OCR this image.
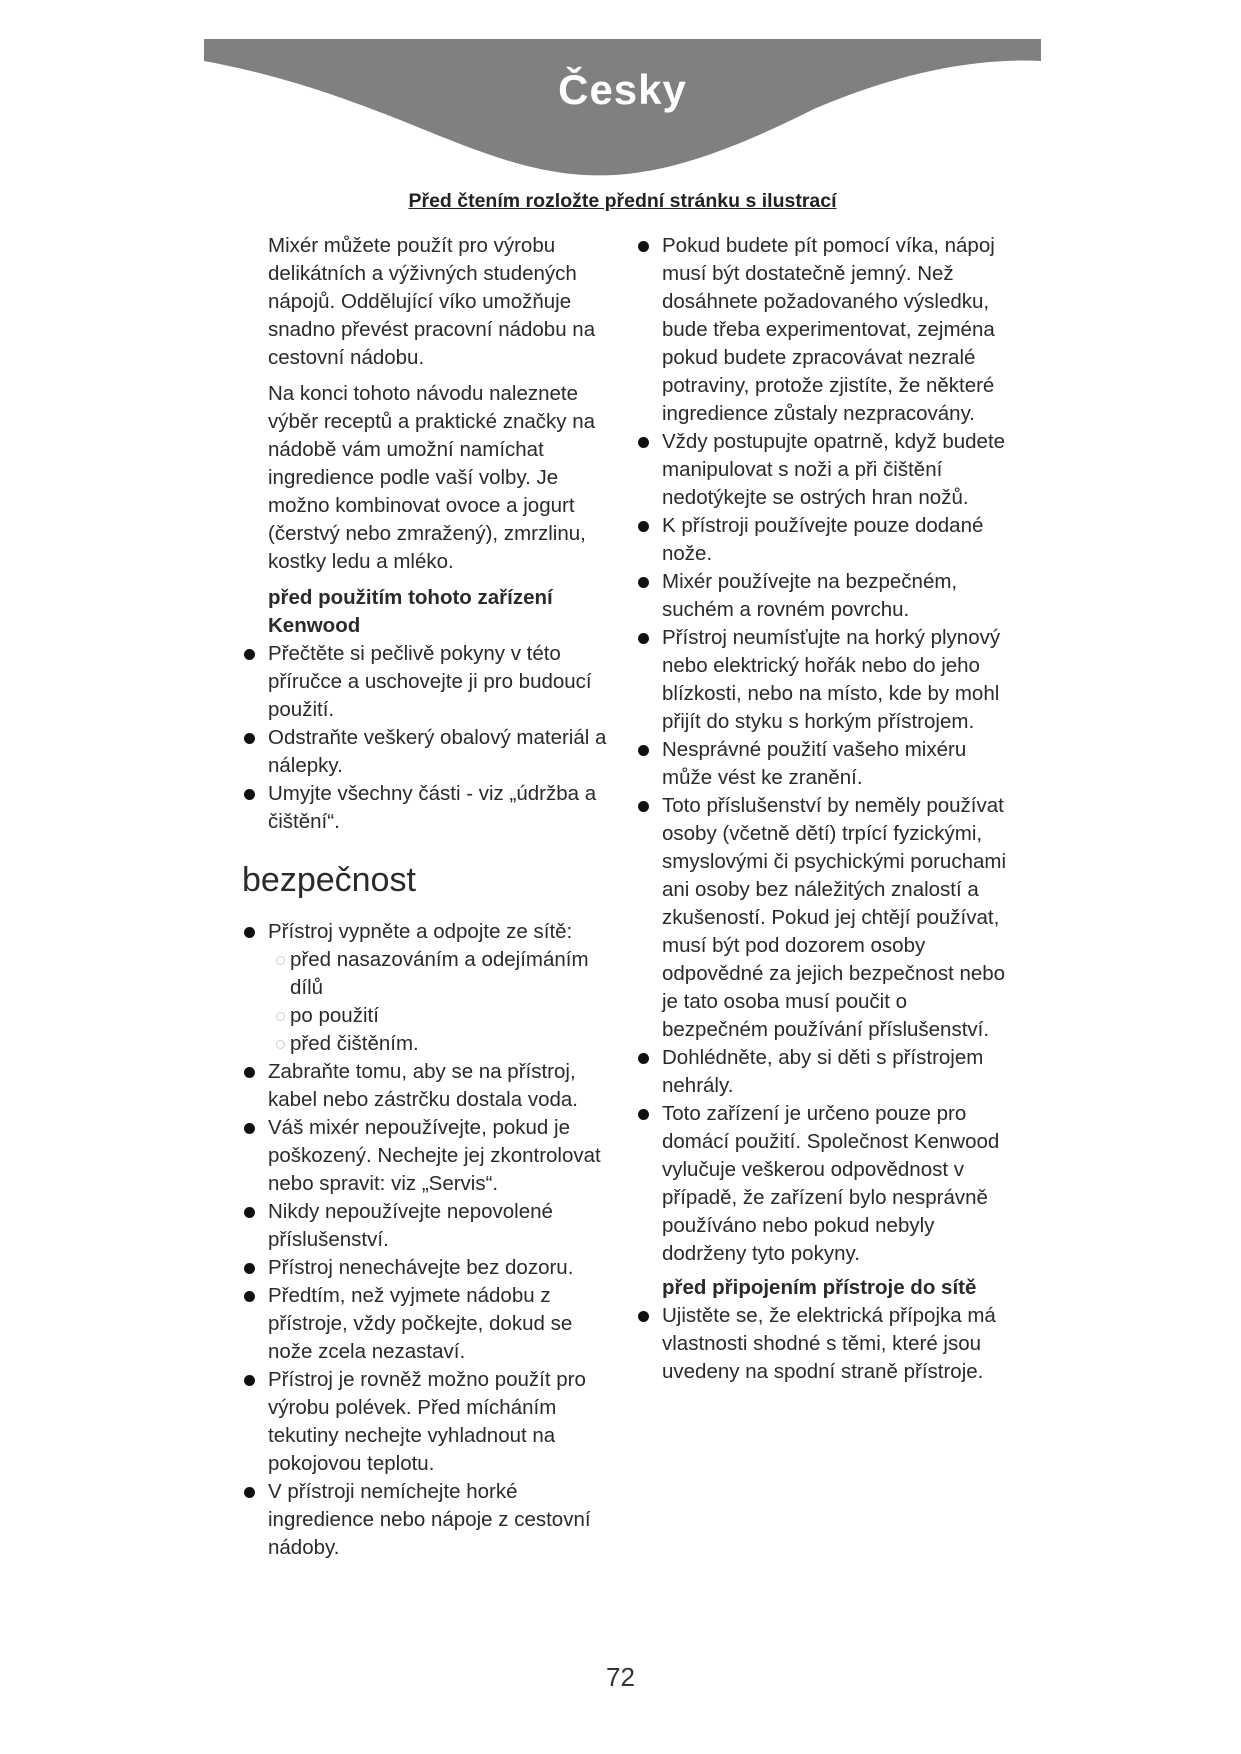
Česky
Před čtením rozložte přední stránku s ilustrací

Mixér můžete použít pro výrobu delikátních a výživných studených nápojů. Oddělující víko umožňuje snadno převést pracovní nádobu na cestovní nádobu.

Na konci tohoto návodu naleznete výběr receptů a praktické značky na nádobě vám umožní namíchat ingredience podle vaší volby. Je možno kombinovat ovoce a jogurt (čerstvý nebo zmražený), zmrzlinu, kostky ledu a mléko.

před použitím tohoto zařízení Kenwood

Přečtěte si pečlivě pokyny v této příručce a uschovejte ji pro budoucí použití.
Odstraňte veškerý obalový materiál a nálepky.
Umyjte všechny části - viz „údržba a čištění“.
bezpečnost
Přístroj vypněte a odpojte ze sítě:
před nasazováním a odejímáním dílů
po použití
před čištěním.
Zabraňte tomu, aby se na přístroj, kabel nebo zástrčku dostala voda.
Váš mixér nepoužívejte, pokud je poškozený. Nechejte jej zkontrolovat nebo spravit: viz „Servis“.
Nikdy nepoužívejte nepovolené příslušenství.
Přístroj nenechávejte bez dozoru.
Předtím, než vyjmete nádobu z přístroje, vždy počkejte, dokud se nože zcela nezastaví.
Přístroj je rovněž možno použít pro výrobu polévek. Před mícháním tekutiny nechejte vyhladnout na pokojovou teplotu.
V přístroji nemíchejte horké ingredience nebo nápoje z cestovní nádoby.
Pokud budete pít pomocí víka, nápoj musí být dostatečně jemný. Než dosáhnete požadovaného výsledku, bude třeba experimentovat, zejména pokud budete zpracovávat nezralé potraviny, protože zjistíte, že některé ingredience zůstaly nezpracovány.
Vždy postupujte opatrně, když budete manipulovat s noži a při čištění nedotýkejte se ostrých hran nožů.
K přístroji používejte pouze dodané nože.
Mixér používejte na bezpečném, suchém a rovném povrchu.
Přístroj neumísťujte na horký plynový nebo elektrický hořák nebo do jeho blízkosti, nebo na místo, kde by mohl přijít do styku s horkým přístrojem.
Nesprávné použití vašeho mixéru může vést ke zranění.
Toto příslušenství by neměly používat osoby (včetně dětí) trpící fyzickými, smyslovými či psychickými poruchami ani osoby bez náležitých znalostí a zkušeností. Pokud jej chtějí používat, musí být pod dozorem osoby odpovědné za jejich bezpečnost nebo je tato osoba musí poučit o bezpečném používání příslušenství.
Dohlédněte, aby si děti s přístrojem nehrály.
Toto zařízení je určeno pouze pro domácí použití. Společnost Kenwood vylučuje veškerou odpovědnost v případě, že zařízení bylo nesprávně používáno nebo pokud nebyly dodrženy tyto pokyny.

před připojením přístroje do sítě

Ujistěte se, že elektrická přípojka má vlastnosti shodné s těmi, které jsou uvedeny na spodní straně přístroje.
72
